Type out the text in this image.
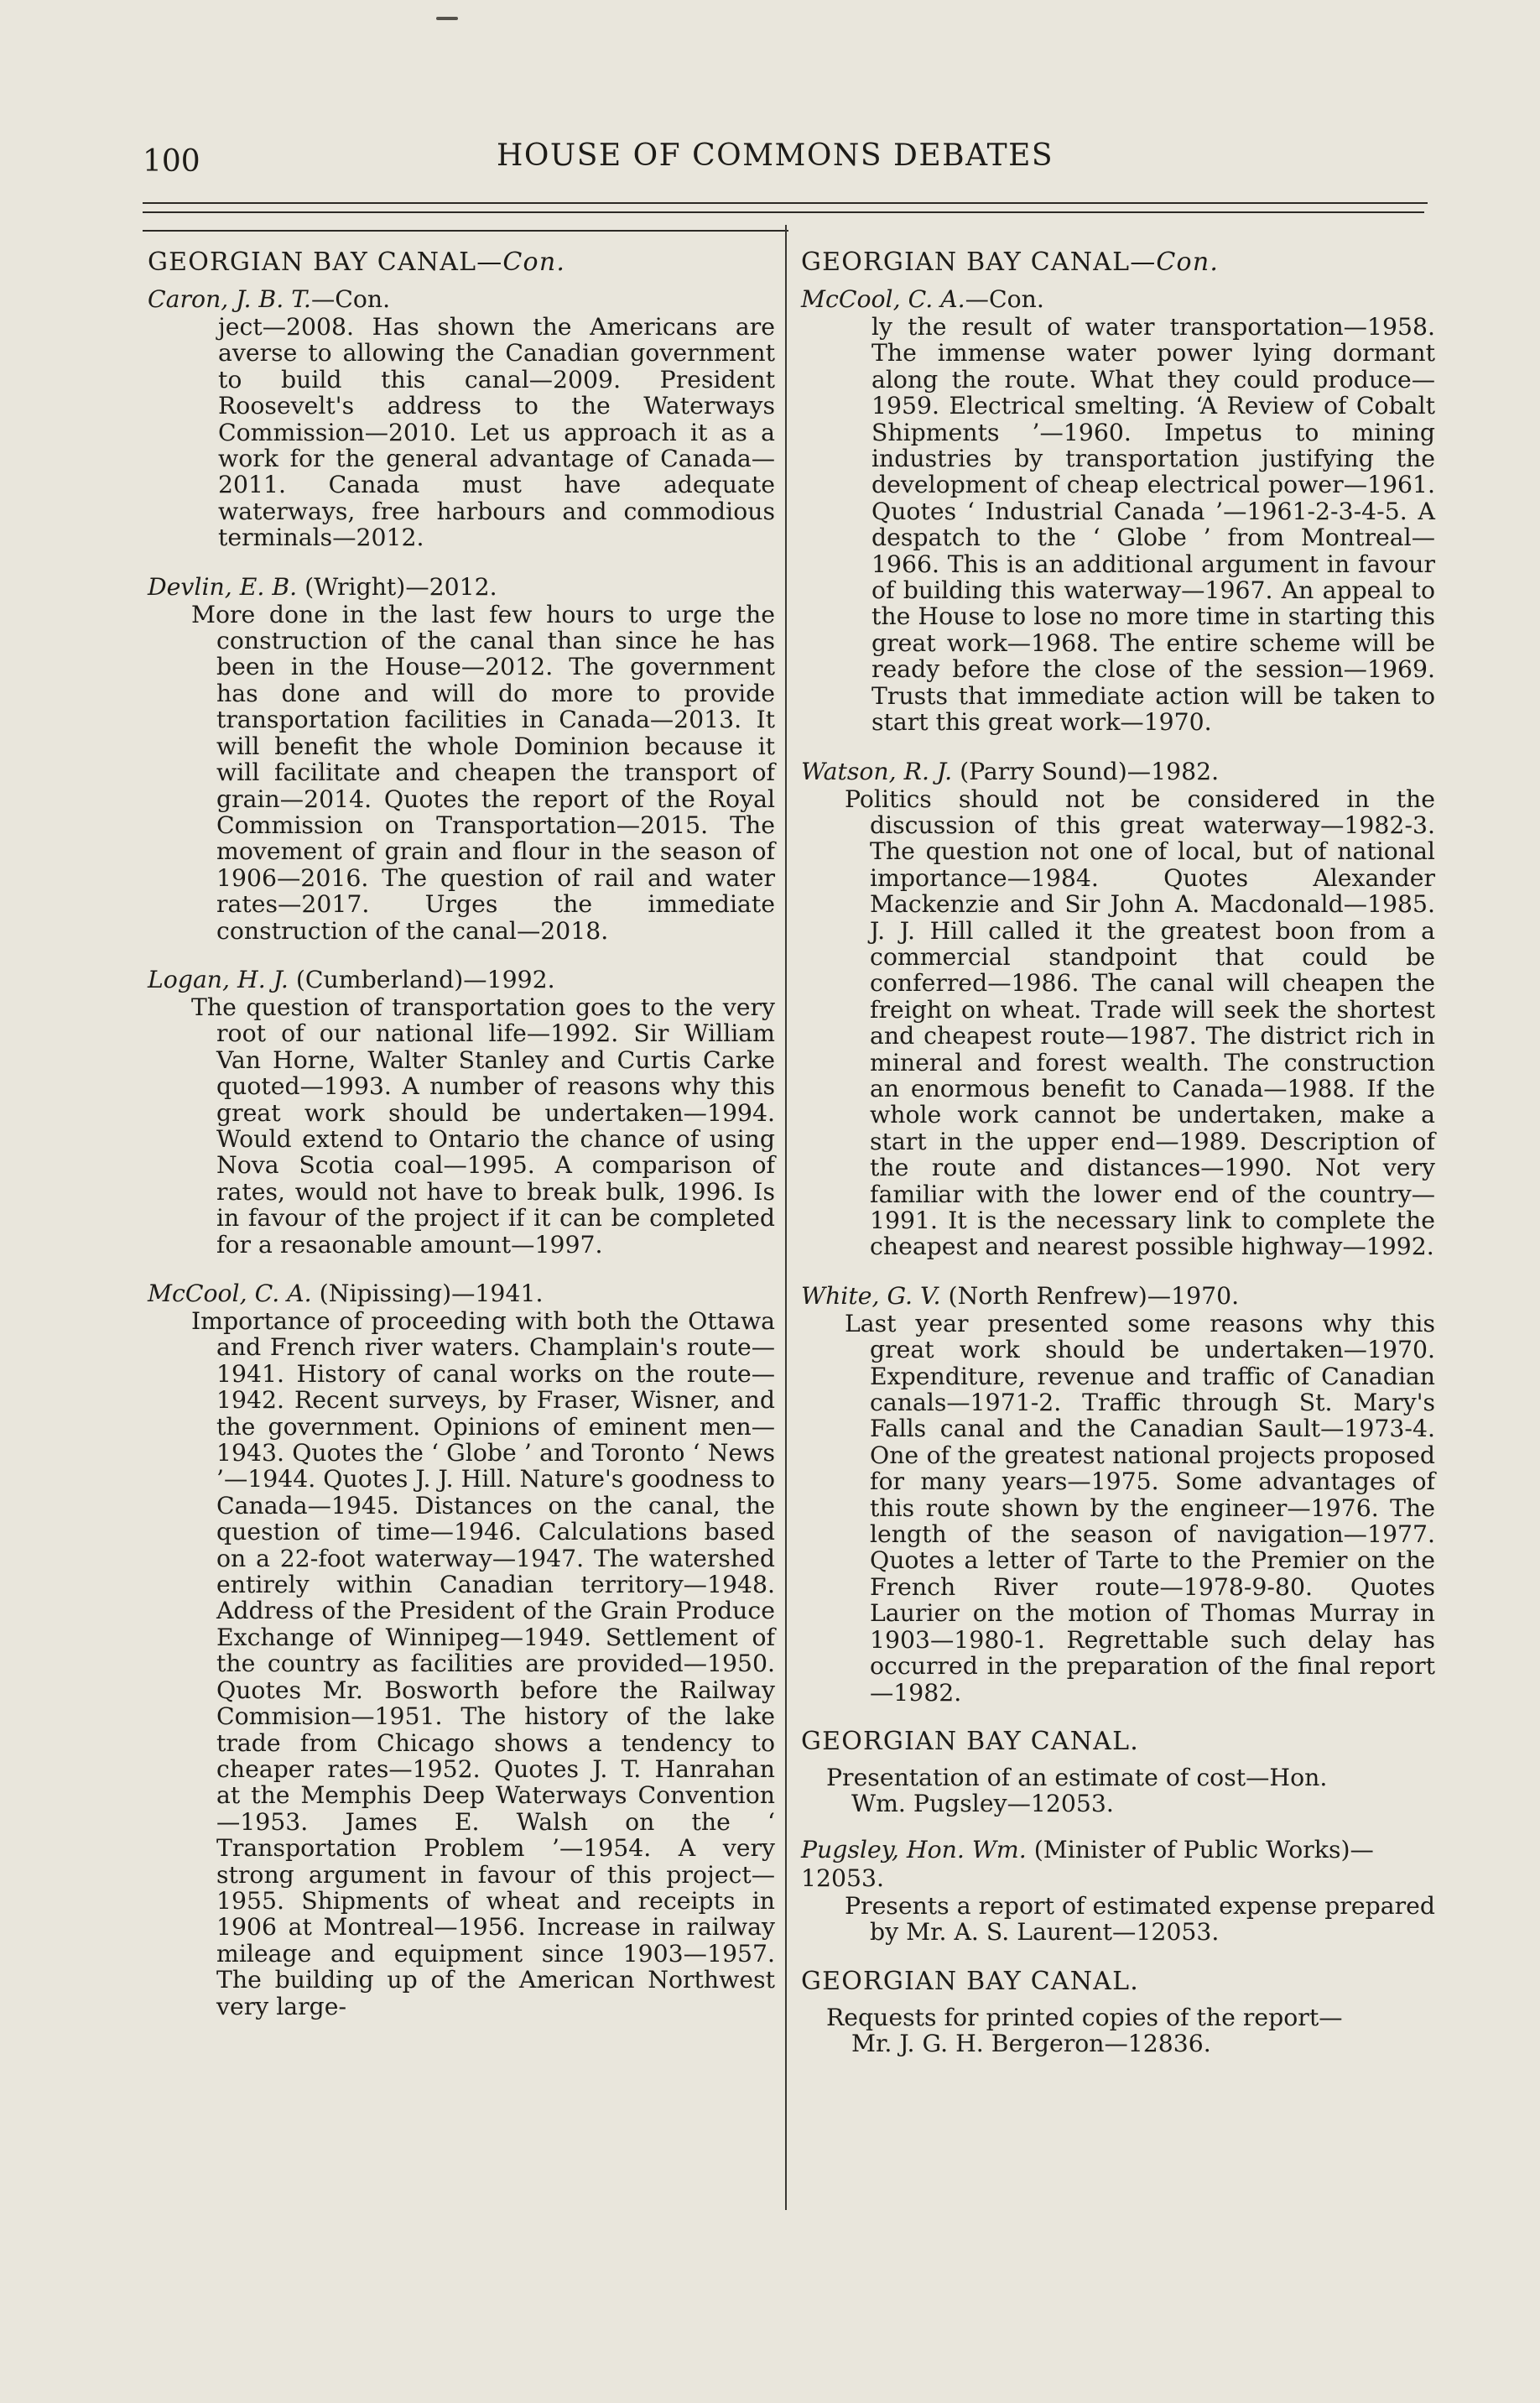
100	HOUSE OF COMMONS DEBATES
GEORGIAN BAY CANAL—Con.
Caron, J. B. T.—Con.

ject—2008. Has shown the Americans are averse to allowing the Canadian government to build this canal—2009. President Roosevelt's address to the Waterways Commission—2010. Let us approach it as a work for the general advantage of Canada—2011. Canada must have adequate waterways, free harbours and commodious terminals—2012.

Devlin, E. B. (Wright)—2012.

More done in the last few hours to urge the construction of the canal than since he has been in the House—2012. The government has done and will do more to provide transportation facilities in Canada—2013. It will benefit the whole Dominion because it will facilitate and cheapen the transport of grain—2014. Quotes the report of the Royal Commission on Transportation—2015. The movement of grain and flour in the season of 1906—2016. The question of rail and water rates—2017. Urges the immediate construction of the canal—2018.

Logan, H. J. (Cumberland)—1992.

The question of transportation goes to the very root of our national life—1992. Sir William Van Horne, Walter Stanley and Curtis Carke quoted—1993. A number of reasons why this great work should be undertaken—1994. Would extend to Ontario the chance of using Nova Scotia coal—1995. A comparison of rates, would not have to break bulk, 1996. Is in favour of the project if it can be completed for a resaonable amount—1997.

McCool, C. A. (Nipissing)—1941.

Importance of proceeding with both the Ottawa and French river waters. Champlain's route—1941. History of canal works on the route—1942. Recent surveys, by Fraser, Wisner, and the government. Opinions of eminent men—1943. Quotes the ‘ Globe ’ and Toronto ‘ News ’—1944. Quotes J. J. Hill. Nature's goodness to Canada—1945. Distances on the canal, the question of time—1946. Calculations based on a 22-foot waterway—1947. The watershed entirely within Canadian territory—1948. Address of the President of the Grain Produce Exchange of Winnipeg—1949. Settlement of the country as facilities are provided—1950. Quotes Mr. Bosworth before the Railway Commision—1951. The history of the lake trade from Chicago shows a tendency to cheaper rates—1952. Quotes J. T. Hanrahan at the Memphis Deep Waterways Convention—1953. James E. Walsh on the ‘ Transportation Problem ’—1954. A very strong argument in favour of this project—1955. Shipments of wheat and receipts in 1906 at Montreal—1956. Increase in railway mileage and equipment since 1903—1957. The building up of the American Northwest very large-

GEORGIAN BAY CANAL—Con.
McCool, C. A.—Con.

ly the result of water transportation—1958. The immense water power lying dormant along the route. What they could produce—1959. Electrical smelting. ‘A Review of Cobalt Shipments ’—1960. Impetus to mining industries by transportation justifying the development of cheap electrical power—1961. Quotes ‘ Industrial Canada ’—1961-2-3-4-5. A despatch to the ‘ Globe ’ from Montreal—1966. This is an additional argument in favour of building this waterway—1967. An appeal to the House to lose no more time in starting this great work—1968. The entire scheme will be ready before the close of the session—1969. Trusts that immediate action will be taken to start this great work—1970.

Watson, R. J. (Parry Sound)—1982.

Politics should not be considered in the discussion of this great waterway—1982-3. The question not one of local, but of national importance—1984. Quotes Alexander Mackenzie and Sir John A. Macdonald—1985. J. J. Hill called it the greatest boon from a commercial standpoint that could be conferred—1986. The canal will cheapen the freight on wheat. Trade will seek the shortest and cheapest route—1987. The district rich in mineral and forest wealth. The construction an enormous benefit to Canada—1988. If the whole work cannot be undertaken, make a start in the upper end—1989. Description of the route and distances—1990. Not very familiar with the lower end of the country—1991. It is the necessary link to complete the cheapest and nearest possible highway—1992.

White, G. V. (North Renfrew)—1970.

Last year presented some reasons why this great work should be undertaken—1970. Expenditure, revenue and traffic of Canadian canals—1971-2. Traffic through St. Mary's Falls canal and the Canadian Sault—1973-4. One of the greatest national projects proposed for many years—1975. Some advantages of this route shown by the engineer—1976. The length of the season of navigation—1977. Quotes a letter of Tarte to the Premier on the French River route—1978-9-80. Quotes Laurier on the motion of Thomas Murray in 1903—1980-1. Regrettable such delay has occurred in the preparation of the final report—1982.

GEORGIAN BAY CANAL.

Presentation of an estimate of cost—Hon.
Wm. Pugsley—12053.

Pugsley, Hon. Wm. (Minister of Public Works)—12053.

Presents a report of estimated expense prepared by Mr. A. S. Laurent—12053.

GEORGIAN BAY CANAL.

Requests for printed copies of the report—
Mr. J. G. H. Bergeron—12836.
